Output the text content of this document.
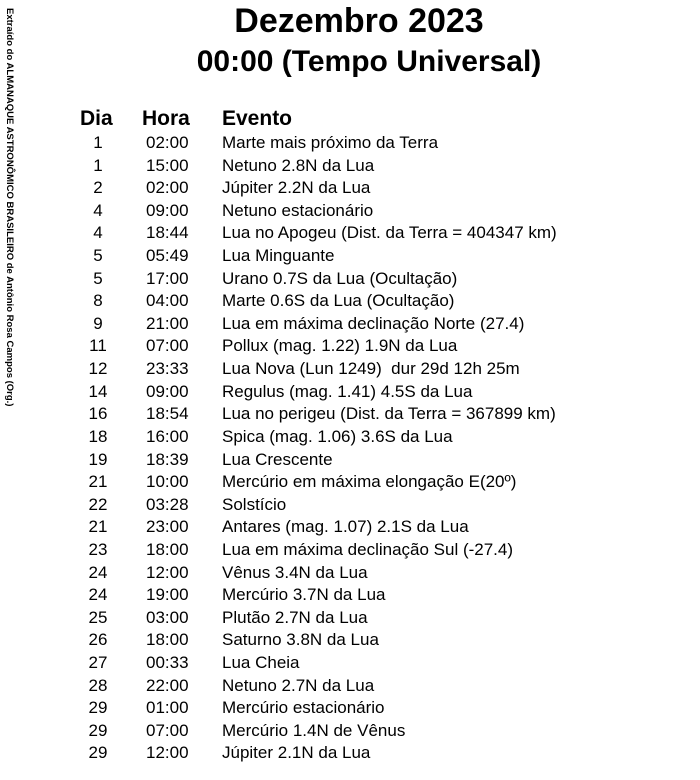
Extraído do ALMANAQUE ASTRONÔMICO BRASILEIRO de Antônio Rosa Campos (Org.)	Dezembro 2023
00:00 (Tempo Universal)
Dia	Hora	Evento
1	02:00	Marte mais próximo da Terra
1	15:00	Netuno 2.8N da Lua
2	02:00	Júpiter 2.2N da Lua
4	09:00	Netuno estacionário
4	18:44	Lua no Apogeu (Dist. da Terra = 404347 km)
5	05:49	Lua Minguante
5	17:00	Urano 0.7S da Lua (Ocultação)
8	04:00	Marte 0.6S da Lua (Ocultação)
9	21:00	Lua em máxima declinação Norte (27.4)
11	07:00	Pollux (mag. 1.22) 1.9N da Lua
12	23:33	Lua Nova (Lun 1249)  dur 29d 12h 25m
14	09:00	Regulus (mag. 1.41) 4.5S da Lua
16	18:54	Lua no perigeu (Dist. da Terra = 367899 km)
18	16:00	Spica (mag. 1.06) 3.6S da Lua
19	18:39	Lua Crescente
21	10:00	Mercúrio em máxima elongação E(20º)
22	03:28	Solstício
21	23:00	Antares (mag. 1.07) 2.1S da Lua
23	18:00	Lua em máxima declinação Sul (-27.4)
24	12:00	Vênus 3.4N da Lua
24	19:00	Mercúrio 3.7N da Lua
25	03:00	Plutão 2.7N da Lua
26	18:00	Saturno 3.8N da Lua
27	00:33	Lua Cheia
28	22:00	Netuno 2.7N da Lua
29	01:00	Mercúrio estacionário
29	07:00	Mercúrio 1.4N de Vênus
29	12:00	Júpiter 2.1N da Lua
